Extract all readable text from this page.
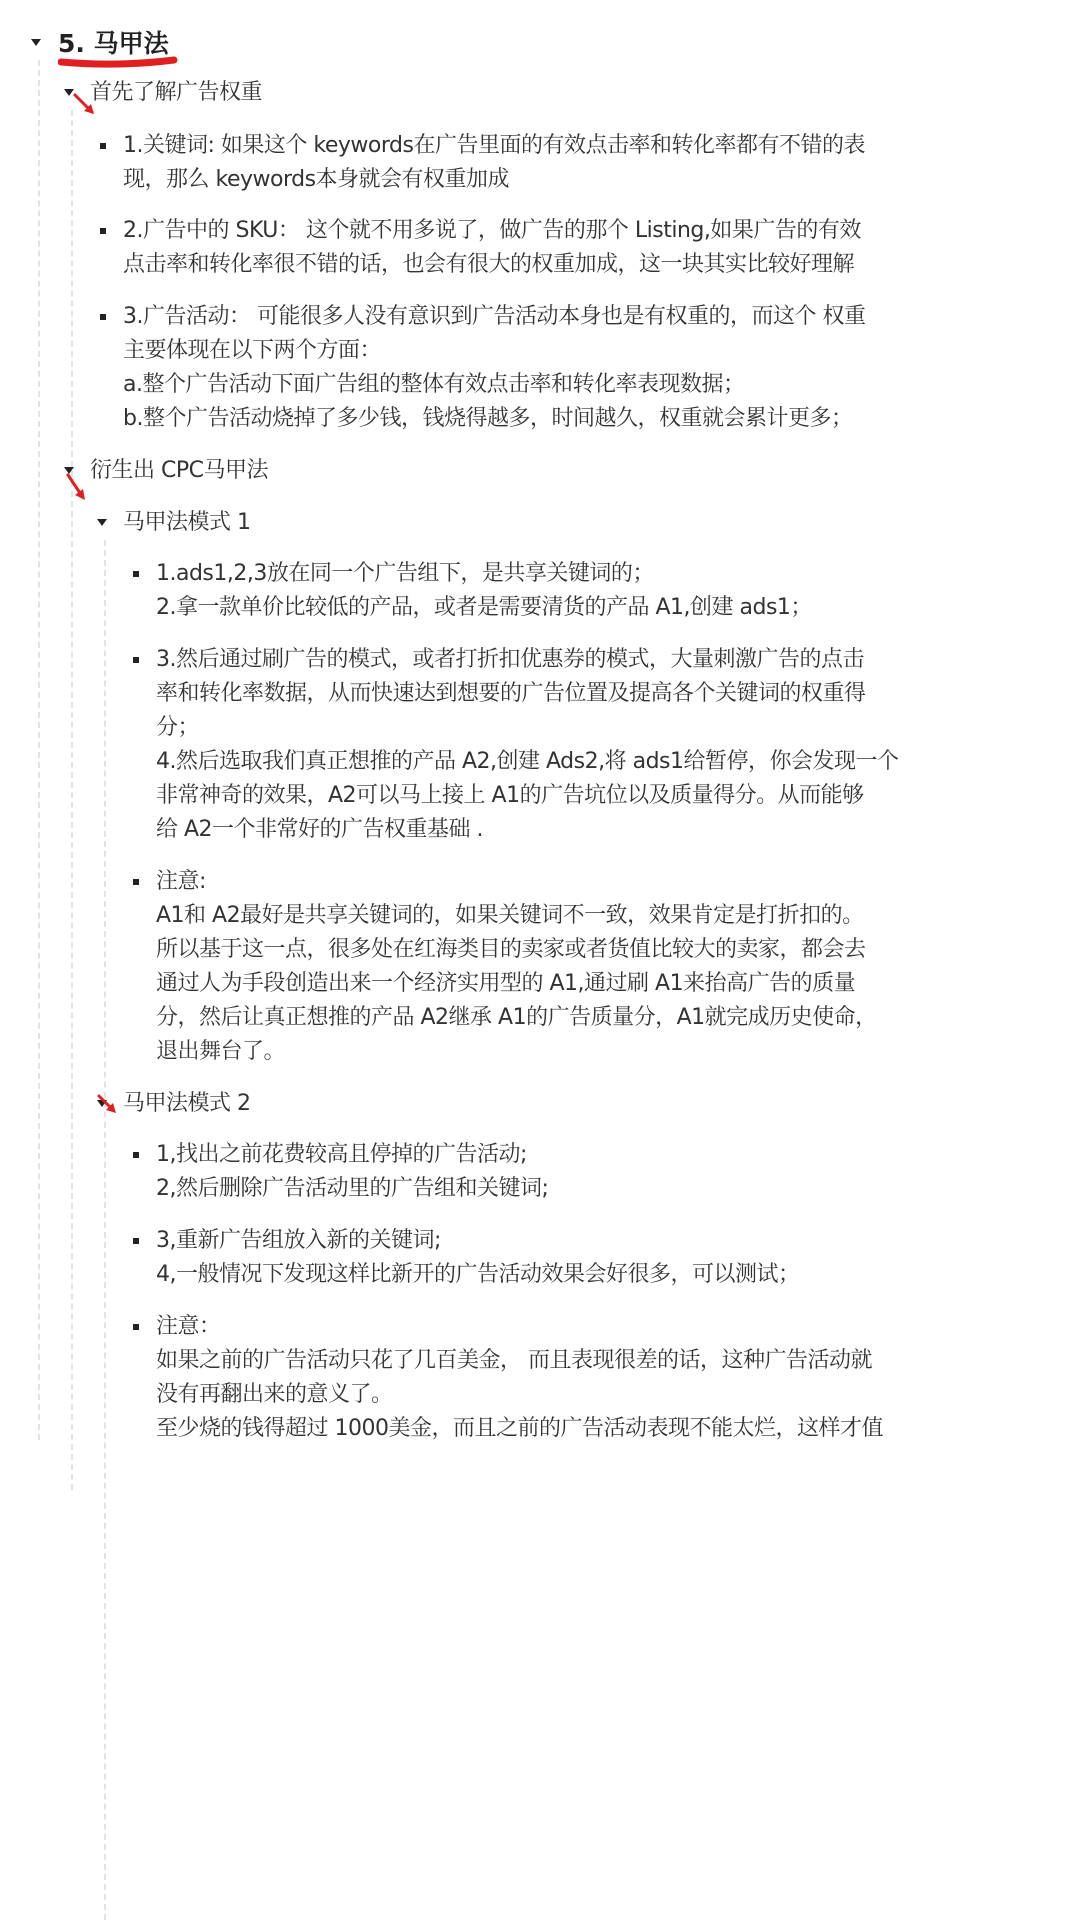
5. 马甲法
首先了解广告权重
1.关键词: 如果这个 keywords在广告里面的有效点击率和转化率都有不错的表
现，那么 keywords本身就会有权重加成
2.广告中的 SKU： 这个就不用多说了，做广告的那个 Listing,如果广告的有效
点击率和转化率很不错的话，也会有很大的权重加成，这一块其实比较好理解
3.广告活动： 可能很多人没有意识到广告活动本身也是有权重的，而这个 权重
主要体现在以下两个方面：
a.整个广告活动下面广告组的整体有效点击率和转化率表现数据；
b.整个广告活动烧掉了多少钱，钱烧得越多，时间越久，权重就会累计更多；
衍生出 CPC马甲法
马甲法模式 1
1.ads1,2,3放在同一个广告组下，是共享关键词的；
2.拿一款单价比较低的产品，或者是需要清货的产品 A1,创建 ads1；
3.然后通过刷广告的模式，或者打折扣优惠券的模式，大量刺激广告的点击
率和转化率数据，从而快速达到想要的广告位置及提高各个关键词的权重得
分；
4.然后选取我们真正想推的产品 A2,创建 Ads2,将 ads1给暂停，你会发现一个
非常神奇的效果，A2可以马上接上 A1的广告坑位以及质量得分。从而能够
给 A2一个非常好的广告权重基础 .
注意:
A1和 A2最好是共享关键词的，如果关键词不一致，效果肯定是打折扣的。
所以基于这一点，很多处在红海类目的卖家或者货值比较大的卖家，都会去
通过人为手段创造出来一个经济实用型的 A1,通过刷 A1来抬高广告的质量
分，然后让真正想推的产品 A2继承 A1的广告质量分，A1就完成历史使命，
退出舞台了。
马甲法模式 2
1,找出之前花费较高且停掉的广告活动;
2,然后删除广告活动里的广告组和关键词;
3,重新广告组放入新的关键词;
4,一般情况下发现这样比新开的广告活动效果会好很多，可以测试；
注意：
如果之前的广告活动只花了几百美金， 而且表现很差的话，这种广告活动就
没有再翻出来的意义了。
至少烧的钱得超过 1000美金，而且之前的广告活动表现不能太烂，这样才值
